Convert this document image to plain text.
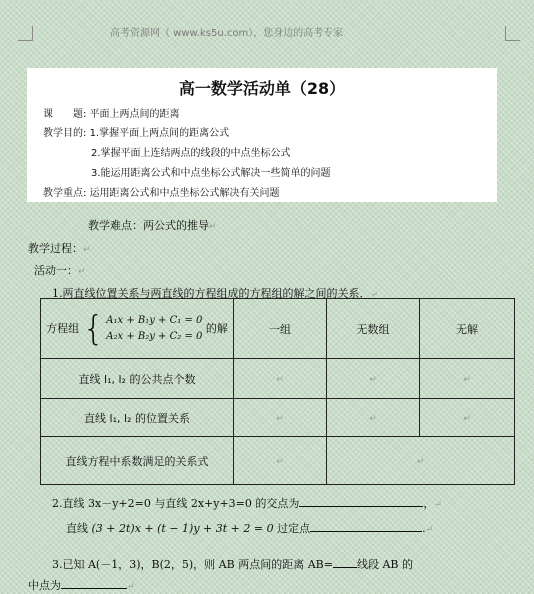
高考资源网（ www.ks5u.com），您身边的高考专家
高一数学活动单（28）
课　　题: 平面上两点间的距离
教学目的: 1.掌握平面上两点间的距离公式
2.掌握平面上连结两点的线段的中点坐标公式
3.能运用距离公式和中点坐标公式解决一些简单的问题
教学重点: 运用距离公式和中点坐标公式解决有关问题
教学难点：两公式的推导↵
教学过程：↵
活动一：↵
1.两直线位置关系与两直线的方程组成的方程组的解之间的关系．↵
方程组 { A₁x + B₁y + C₁ = 0
A₂x + B₂y + C₂ = 0
的解	一组	无数组	无解
直线 l₁, l₂ 的公共点个数	↵	↵	↵
直线 l₁, l₂ 的位置关系	↵	↵	↵
直线方程中系数满足的关系式	↵	↵	
2.直线 3x－y+2=0 与直线 2x+y+3=0 的交点为	，↵
直线 (3 + 2t)x + (t − 1)y + 3t + 2 = 0 过定点	.↵
3.已知 A(－1，3)，B(2，5)，则 AB 两点间的距离 AB= 线段 AB 的
中点为	↵
